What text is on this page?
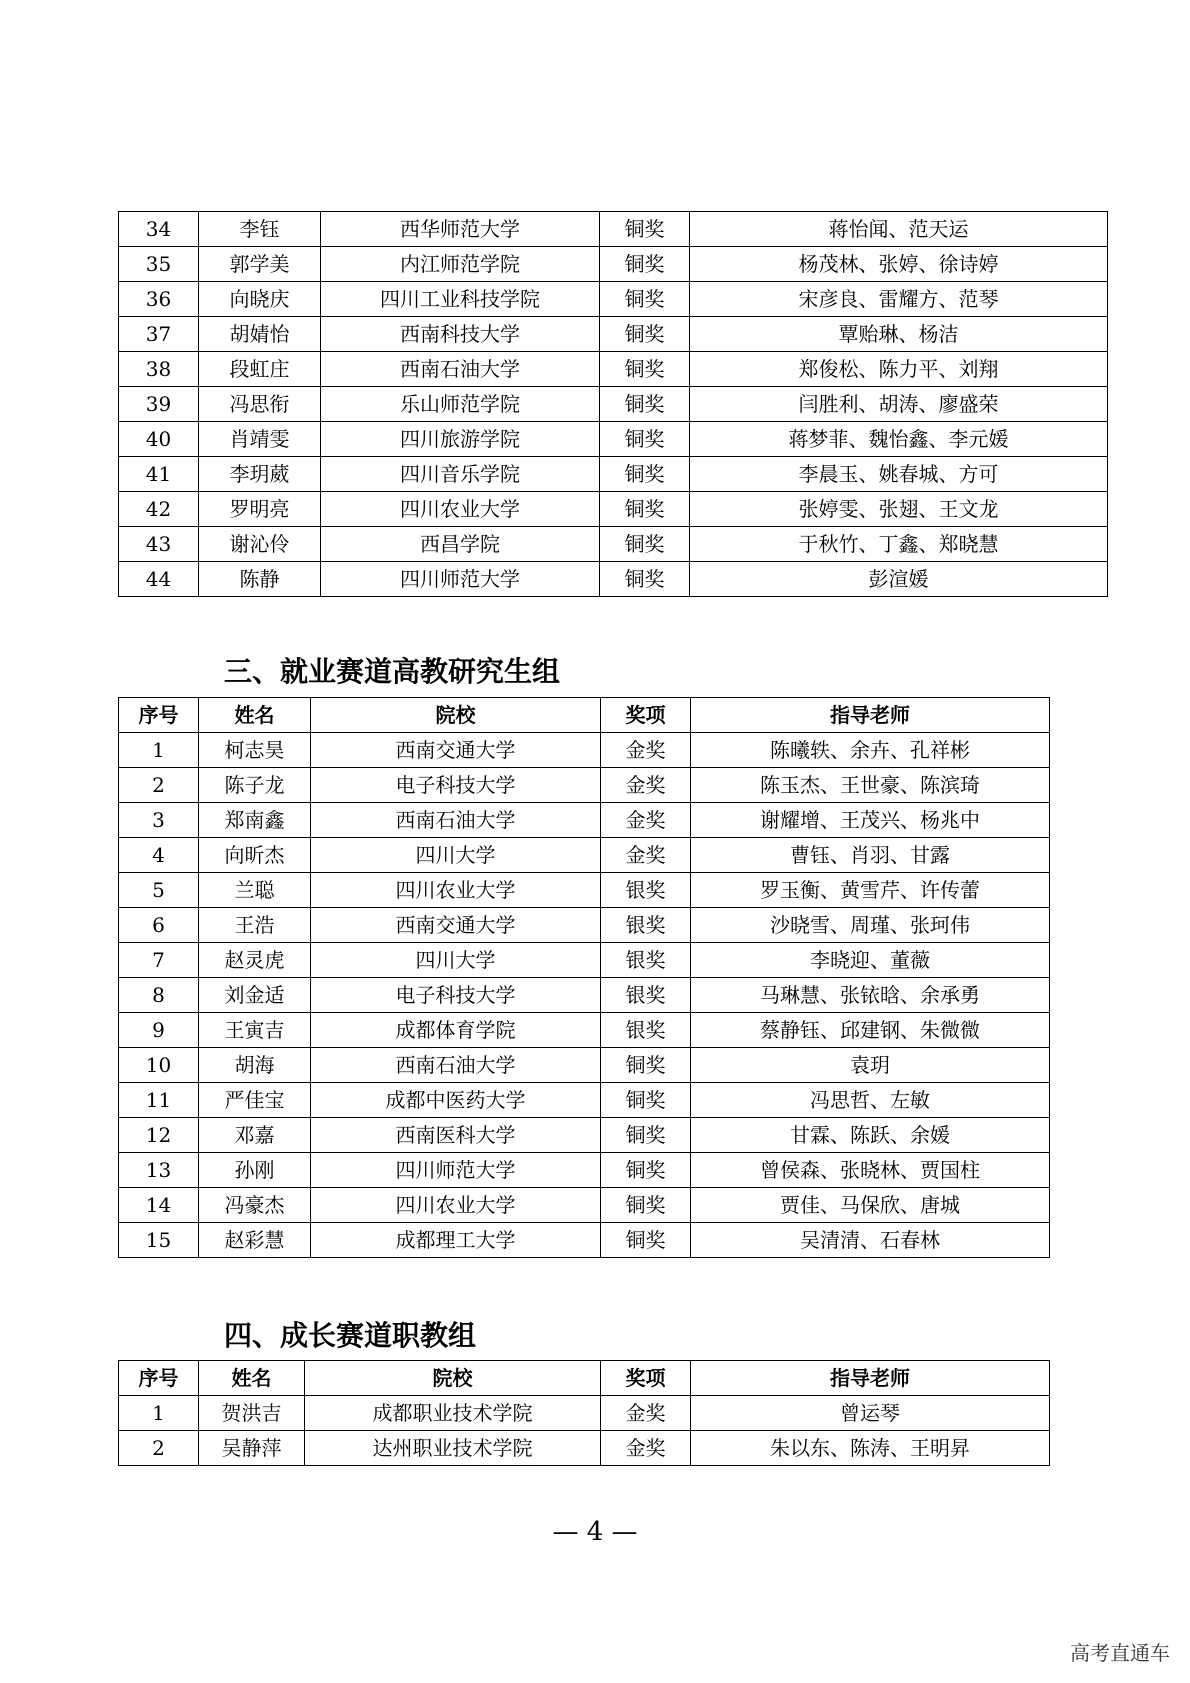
34	李钰	西华师范大学	铜奖	蒋怡闻、范天运
35	郭学美	内江师范学院	铜奖	杨茂林、张婷、徐诗婷
36	向晓庆	四川工业科技学院	铜奖	宋彦良、雷耀方、范琴
37	胡婧怡	西南科技大学	铜奖	覃贻琳、杨洁
38	段虹庄	西南石油大学	铜奖	郑俊松、陈力平、刘翔
39	冯思衔	乐山师范学院	铜奖	闫胜利、胡涛、廖盛荣
40	肖靖雯	四川旅游学院	铜奖	蒋梦菲、魏怡鑫、李元媛
41	李玥葳	四川音乐学院	铜奖	李晨玉、姚春城、方可
42	罗明亮	四川农业大学	铜奖	张婷雯、张翅、王文龙
43	谢沁伶	西昌学院	铜奖	于秋竹、丁鑫、郑晓慧
44	陈静	四川师范大学	铜奖	彭渲媛
三、就业赛道高教研究生组
序号	姓名	院校	奖项	指导老师
1	柯志昊	西南交通大学	金奖	陈曦轶、余卉、孔祥彬
2	陈子龙	电子科技大学	金奖	陈玉杰、王世豪、陈滨琦
3	郑南鑫	西南石油大学	金奖	谢耀增、王茂兴、杨兆中
4	向昕杰	四川大学	金奖	曹钰、肖羽、甘露
5	兰聪	四川农业大学	银奖	罗玉衡、黄雪芹、许传蕾
6	王浩	西南交通大学	银奖	沙晓雪、周瑾、张珂伟
7	赵灵虎	四川大学	银奖	李晓迎、董薇
8	刘金适	电子科技大学	银奖	马琳慧、张铱晗、余承勇
9	王寅吉	成都体育学院	银奖	蔡静钰、邱建钢、朱微微
10	胡海	西南石油大学	铜奖	袁玥
11	严佳宝	成都中医药大学	铜奖	冯思哲、左敏
12	邓嘉	西南医科大学	铜奖	甘霖、陈跃、余媛
13	孙刚	四川师范大学	铜奖	曾侯森、张晓林、贾国柱
14	冯豪杰	四川农业大学	铜奖	贾佳、马保欣、唐城
15	赵彩慧	成都理工大学	铜奖	吴清清、石春林
四、成长赛道职教组
序号	姓名	院校	奖项	指导老师
1	贺洪吉	成都职业技术学院	金奖	曾运琴
2	吴静萍	达州职业技术学院	金奖	朱以东、陈涛、王明昇
— 4 —
高考直通车
